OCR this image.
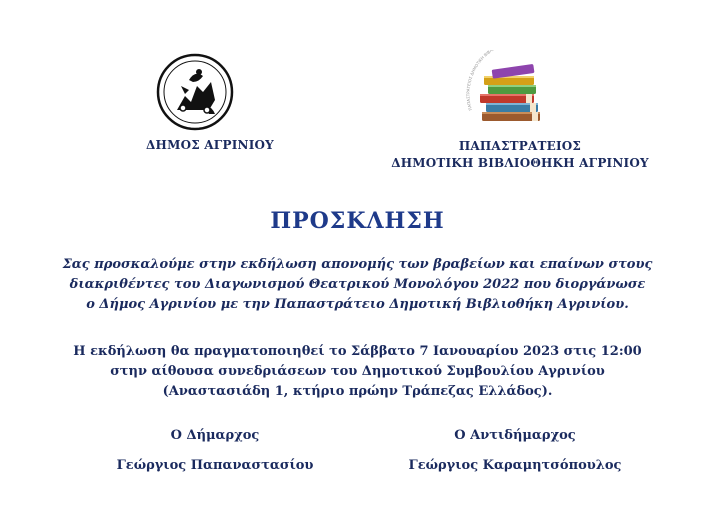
ΠΑΠΑΣΤΡΑΤΕΙΟΣ ΔΗΜΟΤΙΚΗ ΒΙΒΛ
ΔΗΜΟΣ ΑΓΡΙΝΙΟΥ	ΠΑΠΑΣΤΡΑΤΕΙΟΣ
ΔΗΜΟΤΙΚΗ ΒΙΒΛΙΟΘΗΚΗ ΑΓΡΙΝΙΟΥ
ΠΡΟΣΚΛΗΣΗ
Σας προσκαλούμε στην εκδήλωση απονομής των βραβείων και επαίνων στους
διακριθέντες του Διαγωνισμού Θεατρικού Μονολόγου 2022 που διοργάνωσε
ο Δήμος Αγρινίου με την Παπαστράτειο Δημοτική Βιβλιοθήκη Αγρινίου.
Η εκδήλωση θα πραγματοποιηθεί το Σάββατο 7 Ιανουαρίου 2023 στις 12:00
στην αίθουσα συνεδριάσεων του Δημοτικού Συμβουλίου Αγρινίου
(Αναστασιάδη 1, κτήριο πρώην Τράπεζας Ελλάδος).
Ο Δήμαρχος	Ο Αντιδήμαρχος
Γεώργιος Παπαναστασίου	Γεώργιος Καραμητσόπουλος
